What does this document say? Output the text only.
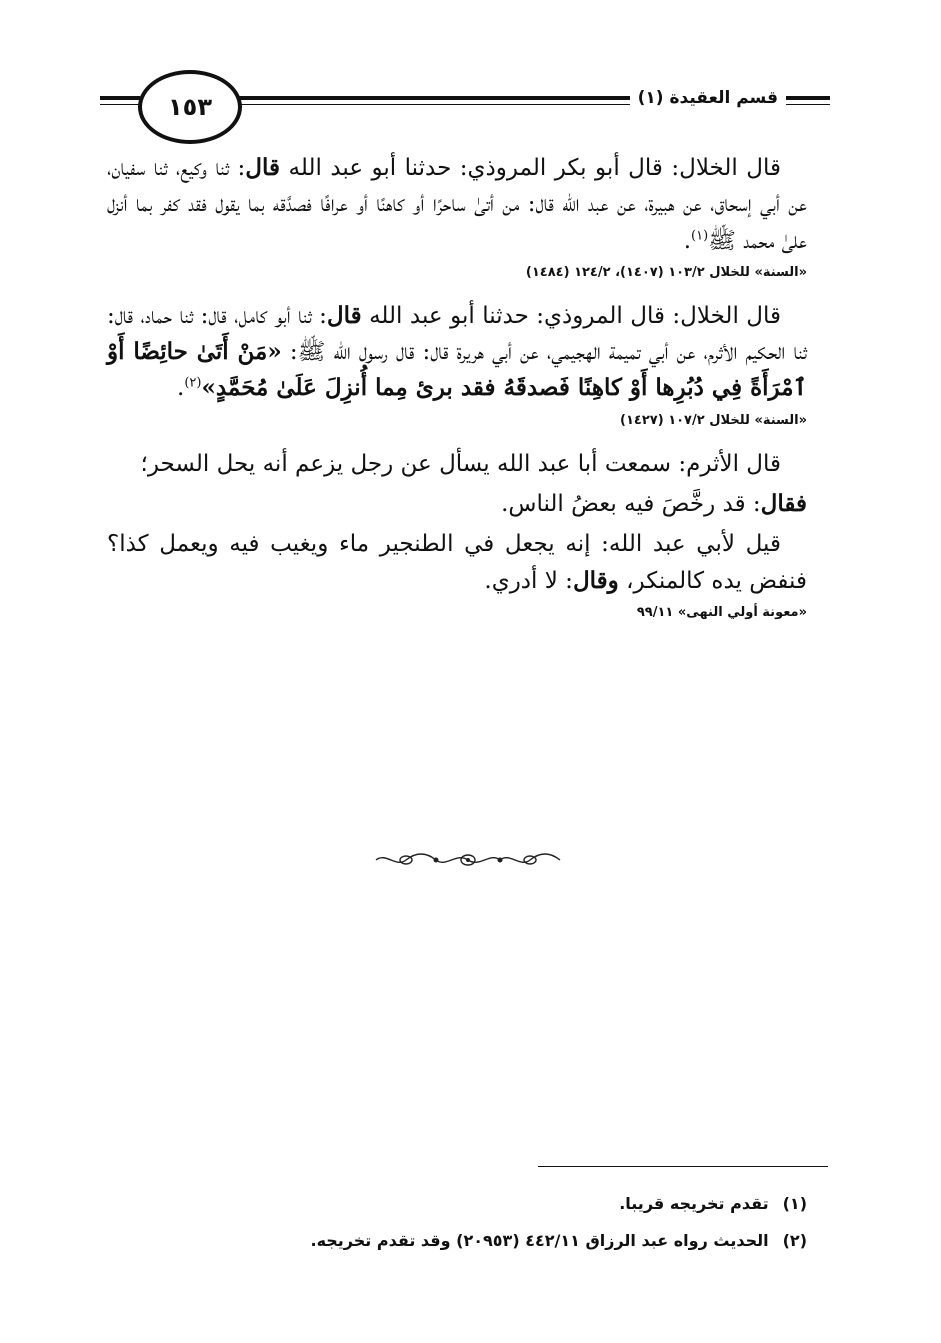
١٥٣	قسم العقيدة (١)

قال الخلال: قال أبو بكر المروذي: حدثنا أبو عبد الله قال: ثنا وكيع، ثنا سفيان، عن أبي إسحاق، عن هبيرة، عن عبد الله قال: من أتىٰ ساحرًا أو كاهنًا أو عرافًا فصدَّقه بما يقول فقد كفر بما أنزل علىٰ محمد ﷺ$^{(١)}$.

«السنة» للخلال ١٠٣/٢ (١٤٠٧)، ١٢٤/٢ (١٤٨٤)

قال الخلال: قال المروذي: حدثنا أبو عبد الله قال: ثنا أبو كامل، قال: ثنا حماد، قال: ثنا الحكيم الأثرم، عن أبي تميمة الهجيمي، عن أبي هريرة قال: قال رسول الله ﷺ: «مَنْ أَتَىٰ حائِضًا أَوْ ٱمْرَأَةً فِي دُبُرِها أَوْ كاهِنًا فَصدقَهُ فقد برئ مِما أُنزِلَ عَلَىٰ مُحَمَّدٍ»$^{(٢)}$.

«السنة» للخلال ١٠٧/٢ (١٤٢٧)

قال الأثرم: سمعت أبا عبد الله يسأل عن رجل يزعم أنه يحل السحر؛

فقال: قد رخَّصَ فيه بعضُ الناس.

قيل لأبي عبد الله: إنه يجعل في الطنجير ماء ويغيب فيه ويعمل كذا؟ فنفض يده كالمنكر، وقال: لا أدري.

«معونة أولي النهى» ٩٩/١١
(١)تقدم تخريجه قريبا.
(٢)الحديث رواه عبد الرزاق ٤٤٢/١١ (٢٠٩٥٣) وقد تقدم تخريجه.
